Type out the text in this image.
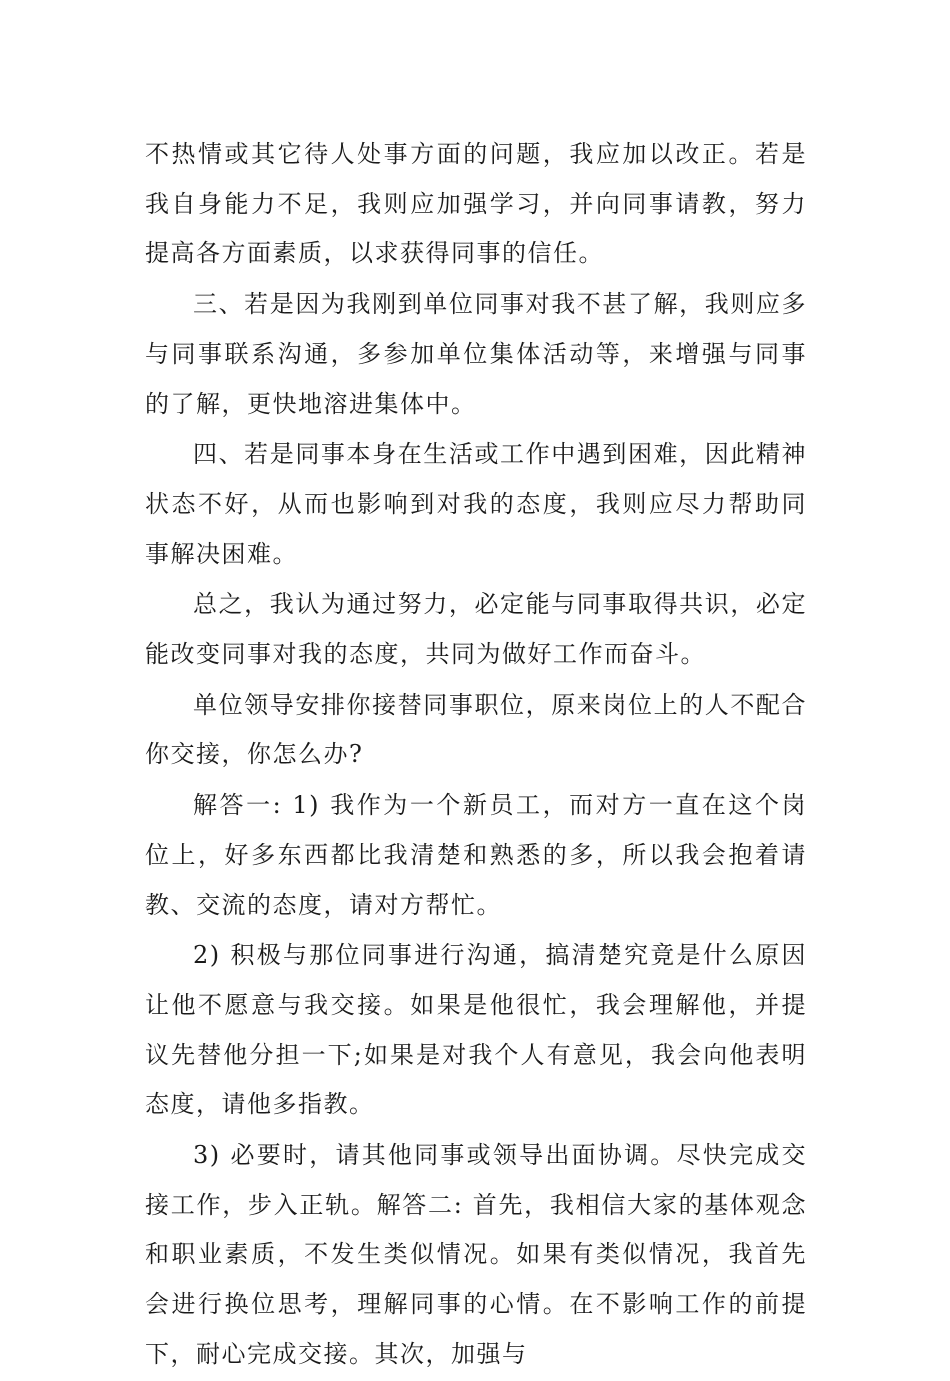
不热情或其它待人处事方面的问题，我应加以改正。若是我自身能力不足，我则应加强学习，并向同事请教，努力提高各方面素质，以求获得同事的信任。

三、若是因为我刚到单位同事对我不甚了解，我则应多与同事联系沟通，多参加单位集体活动等，来增强与同事的了解，更快地溶进集体中。

四、若是同事本身在生活或工作中遇到困难，因此精神状态不好，从而也影响到对我的态度，我则应尽力帮助同事解决困难。

总之，我认为通过努力，必定能与同事取得共识，必定能改变同事对我的态度，共同为做好工作而奋斗。

单位领导安排你接替同事职位，原来岗位上的人不配合你交接，你怎么办?

解答一: 1) 我作为一个新员工，而对方一直在这个岗位上，好多东西都比我清楚和熟悉的多，所以我会抱着请教、交流的态度，请对方帮忙。

2) 积极与那位同事进行沟通，搞清楚究竟是什么原因让他不愿意与我交接。如果是他很忙，我会理解他，并提议先替他分担一下;如果是对我个人有意见，我会向他表明态度，请他多指教。

3) 必要时，请其他同事或领导出面协调。尽快完成交接工作，步入正轨。解答二: 首先，我相信大家的基体观念和职业素质，不发生类似情况。如果有类似情况，我首先会进行换位思考，理解同事的心情。在不影响工作的前提下，耐心完成交接。其次，加强与
